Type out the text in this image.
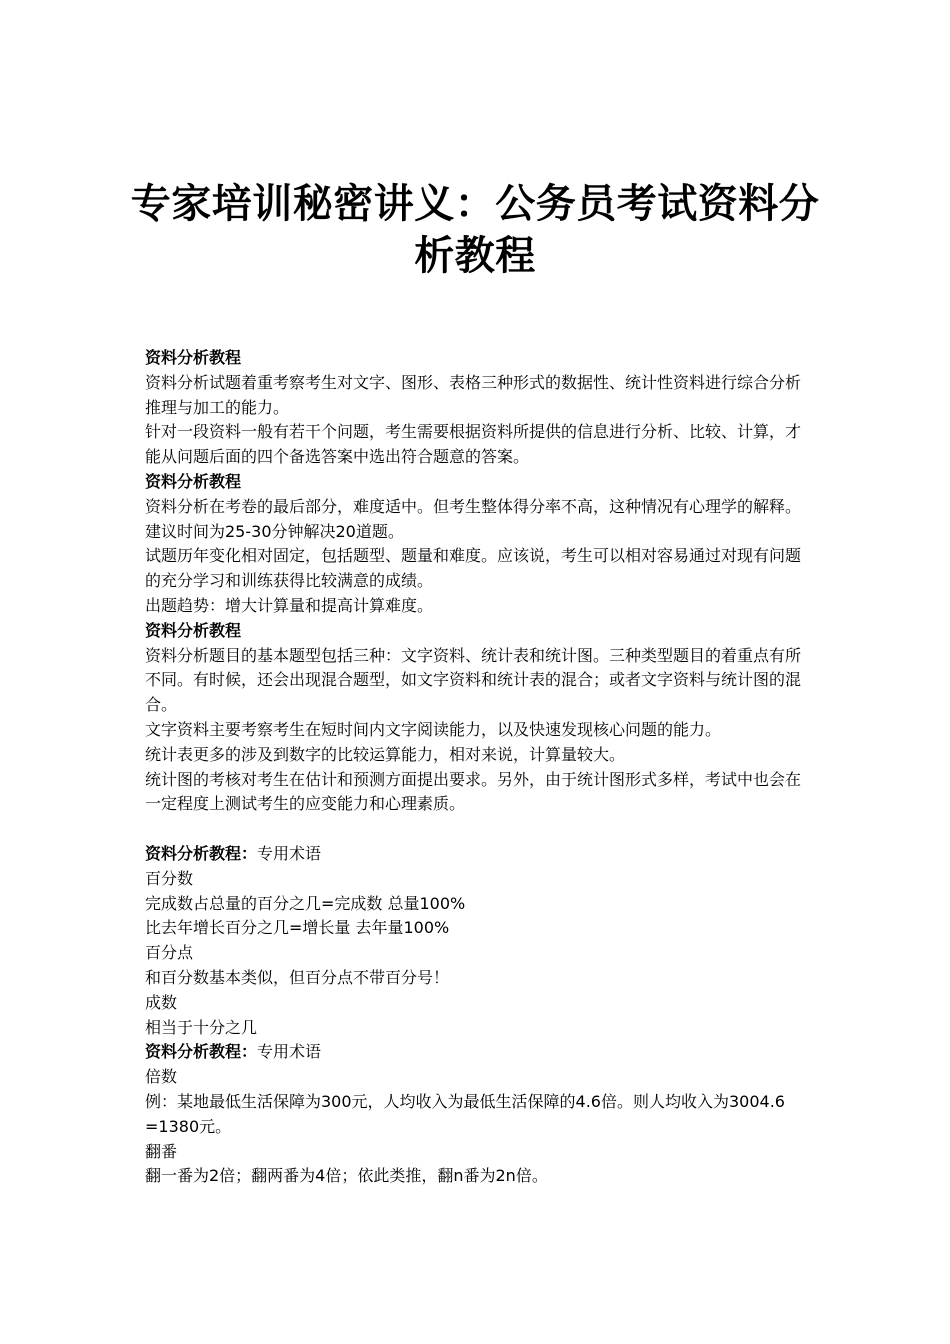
专家培训秘密讲义：公务员考试资料分析教程

资料分析教程

资料分析试题着重考察考生对文字、图形、表格三种形式的数据性、统计性资料进行综合分析推理与加工的能力。

针对一段资料一般有若干个问题，考生需要根据资料所提供的信息进行分析、比较、计算，才能从问题后面的四个备选答案中选出符合题意的答案。

资料分析教程

资料分析在考卷的最后部分，难度适中。但考生整体得分率不高，这种情况有心理学的解释。

建议时间为25-30分钟解决20道题。

试题历年变化相对固定，包括题型、题量和难度。应该说，考生可以相对容易通过对现有问题的充分学习和训练获得比较满意的成绩。

出题趋势：增大计算量和提高计算难度。

资料分析教程

资料分析题目的基本题型包括三种：文字资料、统计表和统计图。三种类型题目的着重点有所不同。有时候，还会出现混合题型，如文字资料和统计表的混合；或者文字资料与统计图的混合。

文字资料主要考察考生在短时间内文字阅读能力，以及快速发现核心问题的能力。

统计表更多的涉及到数字的比较运算能力，相对来说，计算量较大。

统计图的考核对考生在估计和预测方面提出要求。另外，由于统计图形式多样，考试中也会在一定程度上测试考生的应变能力和心理素质。

资料分析教程：专用术语

百分数

完成数占总量的百分之几=完成数 总量100%

比去年增长百分之几=增长量 去年量100%

百分点

和百分数基本类似，但百分点不带百分号！

成数

相当于十分之几

资料分析教程：专用术语

倍数

例：某地最低生活保障为300元，人均收入为最低生活保障的4.6倍。则人均收入为3004.6 =1380元。

翻番

翻一番为2倍；翻两番为4倍；依此类推，翻n番为2n倍。
